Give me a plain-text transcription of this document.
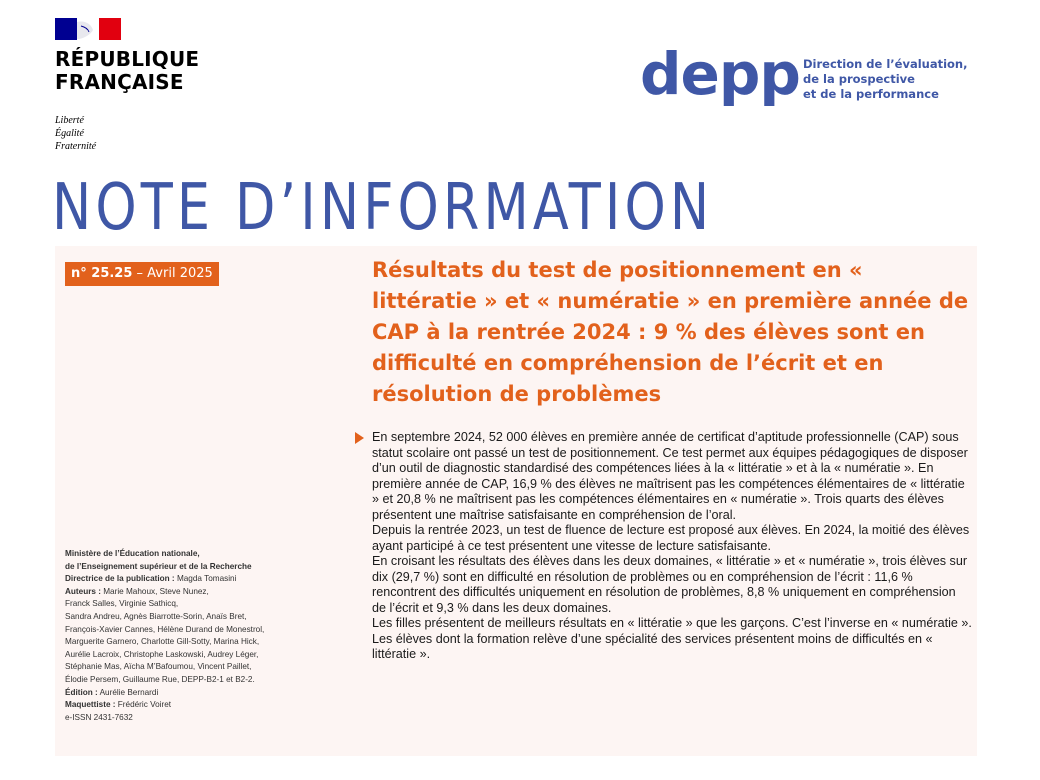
RÉPUBLIQUE
FRANÇAISE
Liberté
Égalité
Fraternité
depp Direction de l’évaluation,
de la prospective
et de la performance
NOTE D’INFORMATION
n° 25.25 – Avril 2025	Résultats du test de positionnement en « littératie » et « numératie » en première année de CAP à la rentrée 2024 : 9 % des élèves sont en difficulté en compréhension de l’écrit et en résolution de problèmes

En septembre 2024, 52 000 élèves en première année de certificat d’aptitude professionnelle (CAP) sous statut scolaire ont passé un test de positionnement. Ce test permet aux équipes pédagogiques de disposer d’un outil de diagnostic standardisé des compétences liées à la « littératie » et à la « numératie ». En première année de CAP, 16,9 % des élèves ne maîtrisent pas les compétences élémentaires de « littératie » et 20,8 % ne maîtrisent pas les compétences élémentaires en « numératie ». Trois quarts des élèves présentent une maîtrise satisfaisante en compréhension de l’oral.

Depuis la rentrée 2023, un test de fluence de lecture est proposé aux élèves. En 2024, la moitié des élèves ayant participé à ce test présentent une vitesse de lecture satisfaisante.

En croisant les résultats des élèves dans les deux domaines, « littératie » et « numératie », trois élèves sur dix (29,7 %) sont en difficulté en résolution de problèmes ou en compréhension de l’écrit : 11,6 % rencontrent des difficultés uniquement en résolution de problèmes, 8,8 % uniquement en compréhension de l’écrit et 9,3 % dans les deux domaines.

Les filles présentent de meilleurs résultats en « littératie » que les garçons. C’est l’inverse en « numératie ».

Les élèves dont la formation relève d’une spécialité des services présentent moins de difficultés en « littératie ».

Ministère de l’Éducation nationale,
de l’Enseignement supérieur et de la Recherche
Directrice de la publication : Magda Tomasini
Auteurs : Marie Mahoux, Steve Nunez,
Franck Salles, Virginie Sathicq,
Sandra Andreu, Agnès Biarrotte-Sorin, Anaïs Bret,
François-Xavier Cannes, Hélène Durand de Monestrol,
Marguerite Garnero, Charlotte Gill-Sotty, Marina Hick,
Aurélie Lacroix, Christophe Laskowski, Audrey Léger,
Stéphanie Mas, Aïcha M’Bafoumou, Vincent Paillet,
Élodie Persem, Guillaume Rue, DEPP-B2-1 et B2-2.
Édition : Aurélie Bernardi
Maquettiste : Frédéric Voiret
e-ISSN 2431-7632
